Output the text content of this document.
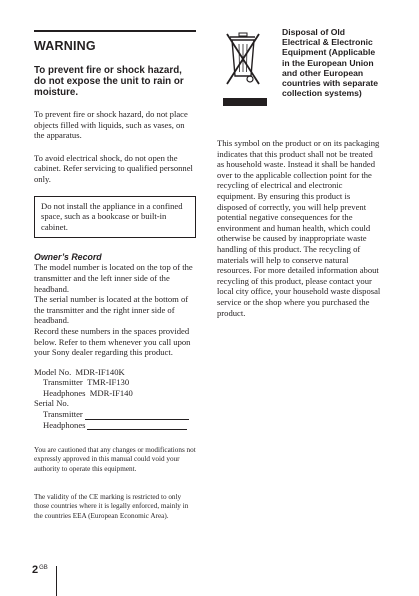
WARNING
To prevent fire or shock hazard, do not expose the unit to rain or moisture.

To prevent fire or shock hazard, do not place objects filled with liquids, such as vases, on the apparatus.

To avoid electrical shock, do not open the cabinet. Refer servicing to qualified personnel only.

Do not install the appliance in a confined space, such as a bookcase or built-in cabinet.
Owner’s Record

The model number is located on the top of the transmitter and the left inner side of the headband.

The serial number is located at the bottom of the transmitter and the right inner side of headband.

Record these numbers in the spaces provided below. Refer to them whenever you call upon your Sony dealer regarding this product.

Model No. MDR-IF140K
Transmitter TMR-IF130
Headphones MDR-IF140
Serial No.
Transmitter
Headphones
You are cautioned that any changes or modifications not expressly approved in this manual could void your authority to operate this equipment.
The validity of the CE marking is restricted to only those countries where it is legally enforced, mainly in the countries EEA (European Economic Area).
Disposal of Old Electrical & Electronic Equipment (Applicable in the European Union and other European countries with separate collection systems)
This symbol on the product or on its packaging indicates that this product shall not be treated as household waste. Instead it shall be handed over to the applicable collection point for the recycling of electrical and electronic equipment. By ensuring this product is disposed of correctly, you will help prevent potential negative consequences for the environment and human health, which could otherwise be caused by inappropriate waste handling of this product. The recycling of materials will help to conserve natural resources. For more detailed information about recycling of this product, please contact your local city office, your household waste disposal service or the shop where you purchased the product.
$2^{GB}$
